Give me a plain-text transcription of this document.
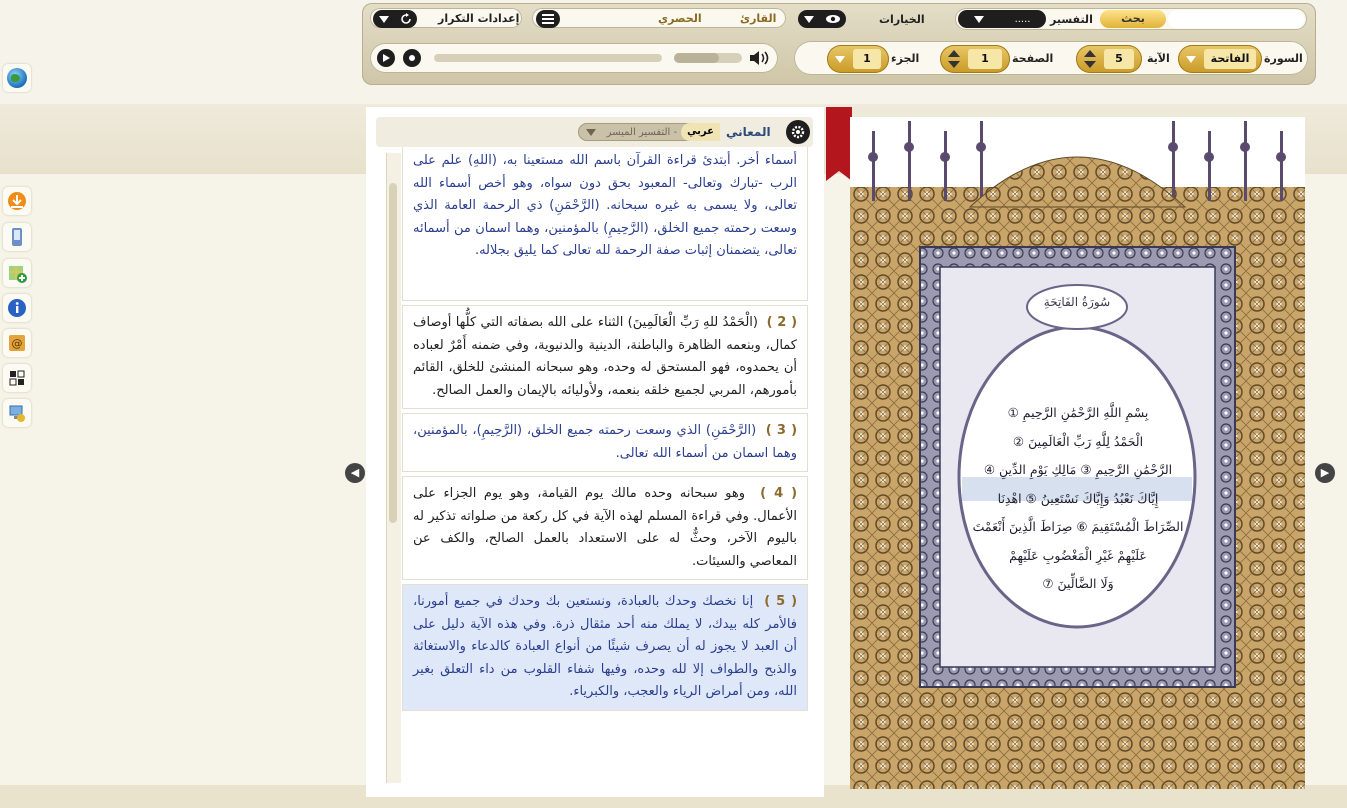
@
بحث
التفسير
.....
الخيارات
القارئ
الحصري
إعدادات التكرار
السورة
الفاتحة
الآية
5
الصفحة
1
الجزء
1
المعاني
عربي
- التفسير الميسر
أسماء أخر. أبتدئ قراءة القرآن باسم الله مستعينا به، (اللهِ) علم على الرب -تبارك وتعالى- المعبود بحق دون سواه، وهو أخص أسماء الله تعالى، ولا يسمى به غيره سبحانه. (الرَّحْمَنِ) ذي الرحمة العامة الذي وسعت رحمته جميع الخلق، (الرَّحِيمِ) بالمؤمنين، وهما اسمان من أسمائه تعالى، يتضمنان إثبات صفة الرحمة لله تعالى كما يليق بجلاله.
( 2 )  (الْحَمْدُ للهِ رَبِّ الْعَالَمِينَ) الثناء على الله بصفاته التي كلُّها أوصاف كمال، وبنعمه الظاهرة والباطنة، الدينية والدنيوية، وفي ضمنه أَمْرٌ لعباده أن يحمدوه، فهو المستحق له وحده، وهو سبحانه المنشئ للخلق، القائم بأمورهم، المربي لجميع خلقه بنعمه، ولأوليائه بالإيمان والعمل الصالح.
( 3 )  (الرَّحْمَنِ) الذي وسعت رحمته جميع الخلق، (الرَّحِيمِ)، بالمؤمنين، وهما اسمان من أسماء الله تعالى.
( 4 )  وهو سبحانه وحده مالك يوم القيامة، وهو يوم الجزاء على الأعمال. وفي قراءة المسلم لهذه الآية في كل ركعة من صلواته تذكير له باليوم الآخر، وحثٌّ له على الاستعداد بالعمل الصالح، والكف عن المعاصي والسيئات.
( 5 )  إنا نخصك وحدك بالعبادة، ونستعين بك وحدك في جميع أمورنا، فالأمر كله بيدك، لا يملك منه أحد مثقال ذرة. وفي هذه الآية دليل على أن العبد لا يجوز له أن يصرف شيئًا من أنواع العبادة كالدعاء والاستغاثة والذبح والطواف إلا لله وحده، وفيها شفاء القلوب من داء التعلق بغير الله، ومن أمراض الرياء والعجب، والكبرياء.
◀	▶
سُورَةُ الفَاتِحَةِ
بِسْمِ اللَّهِ الرَّحْمَٰنِ الرَّحِيمِ ①
الْحَمْدُ لِلَّهِ رَبِّ الْعَالَمِينَ ②
الرَّحْمَٰنِ الرَّحِيمِ ③ مَالِكِ يَوْمِ الدِّينِ ④
إِيَّاكَ نَعْبُدُ وَإِيَّاكَ نَسْتَعِينُ ⑤ اهْدِنَا
الصِّرَاطَ الْمُسْتَقِيمَ ⑥ صِرَاطَ الَّذِينَ أَنْعَمْتَ
عَلَيْهِمْ غَيْرِ الْمَغْضُوبِ عَلَيْهِمْ
وَلَا الضَّالِّينَ ⑦
